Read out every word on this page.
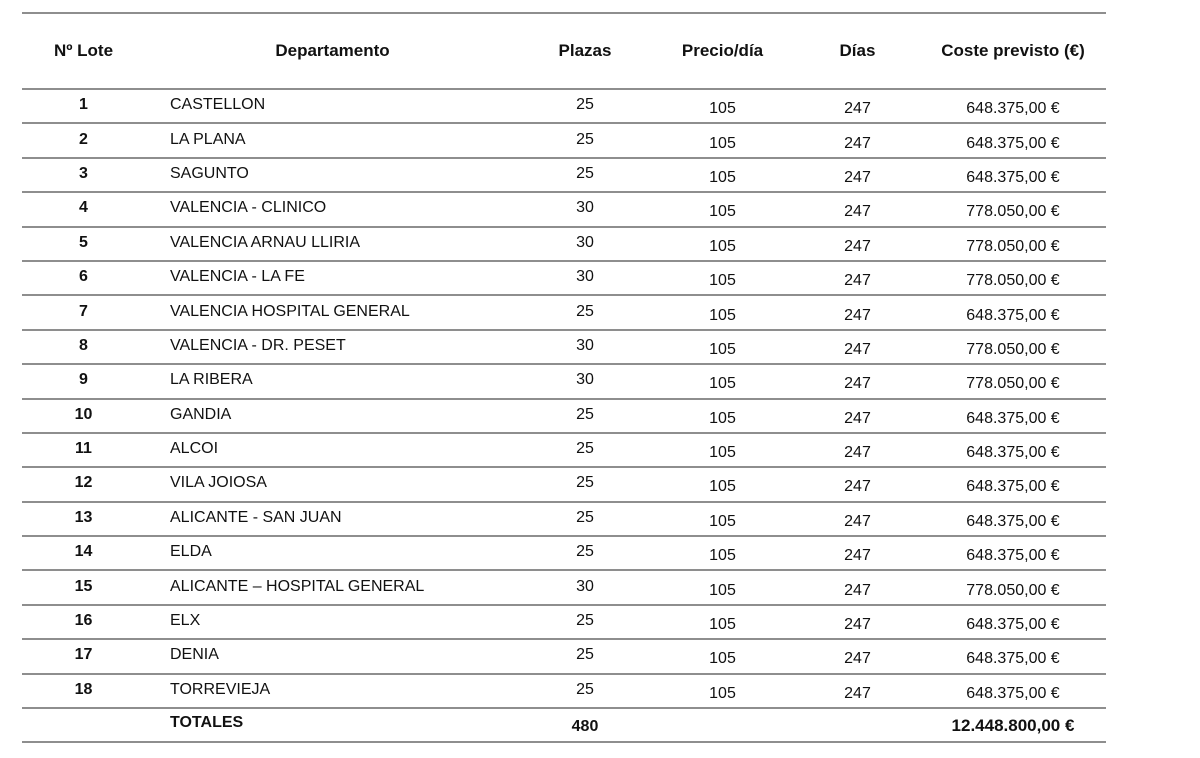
Nº Lote	Departamento	Plazas	Precio/día	Días	Coste previsto (€)
1	CASTELLON	25	105	247	648.375,00 €
2	LA PLANA	25	105	247	648.375,00 €
3	SAGUNTO	25	105	247	648.375,00 €
4	VALENCIA - CLINICO	30	105	247	778.050,00 €
5	VALENCIA ARNAU LLIRIA	30	105	247	778.050,00 €
6	VALENCIA - LA FE	30	105	247	778.050,00 €
7	VALENCIA HOSPITAL GENERAL	25	105	247	648.375,00 €
8	VALENCIA - DR. PESET	30	105	247	778.050,00 €
9	LA RIBERA	30	105	247	778.050,00 €
10	GANDIA	25	105	247	648.375,00 €
11	ALCOI	25	105	247	648.375,00 €
12	VILA JOIOSA	25	105	247	648.375,00 €
13	ALICANTE - SAN JUAN	25	105	247	648.375,00 €
14	ELDA	25	105	247	648.375,00 €
15	ALICANTE – HOSPITAL GENERAL	30	105	247	778.050,00 €
16	ELX	25	105	247	648.375,00 €
17	DENIA	25	105	247	648.375,00 €
18	TORREVIEJA	25	105	247	648.375,00 €
	TOTALES	480			12.448.800,00 €
